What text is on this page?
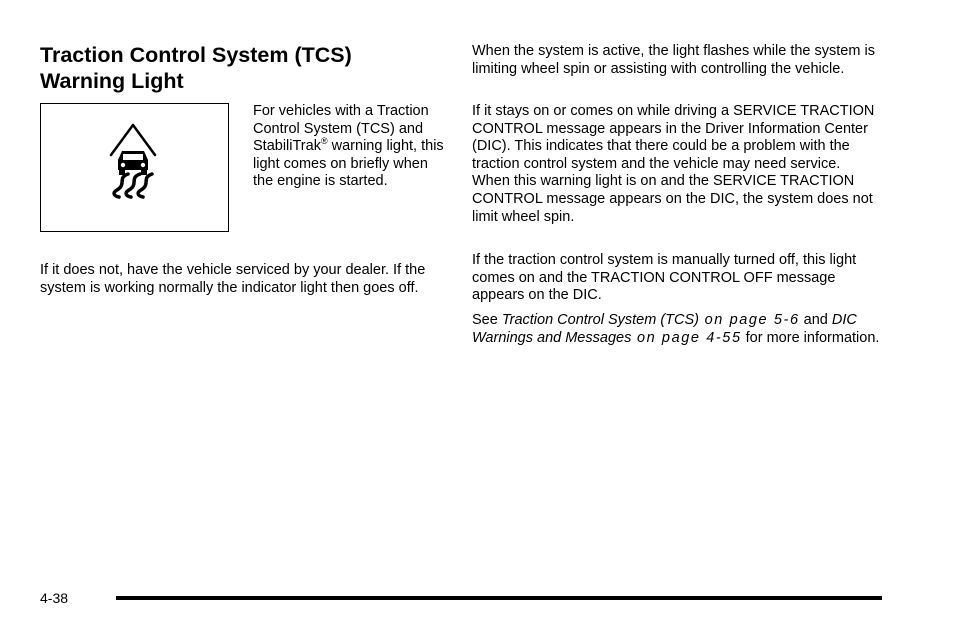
Traction Control System (TCS) Warning Light

For vehicles with a Traction Control System (TCS) and StabiliTrak® warning light, this light comes on briefly when the engine is started.

If it does not, have the vehicle serviced by your dealer. If the system is working normally the indicator light then goes off.

When the system is active, the light flashes while the system is limiting wheel spin or assisting with controlling the vehicle.

If it stays on or comes on while driving a SERVICE TRACTION CONTROL message appears in the Driver Information Center (DIC). This indicates that there could be a problem with the traction control system and the vehicle may need service. When this warning light is on and the SERVICE TRACTION CONTROL message appears on the DIC, the system does not limit wheel spin.

If the traction control system is manually turned off, this light comes on and the TRACTION CONTROL OFF message appears on the DIC.

See Traction Control System (TCS) on page 5-6 and DIC Warnings and Messages on page 4-55 for more information.

4-38
